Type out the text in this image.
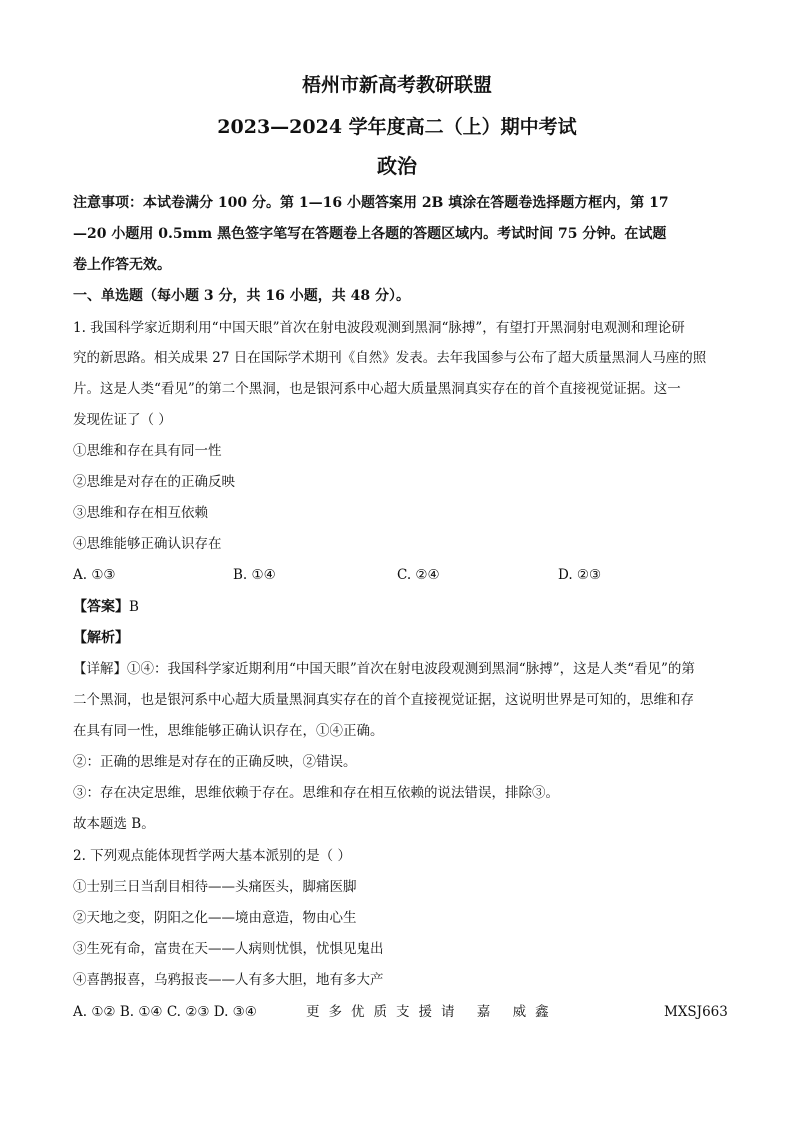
梧州市新高考教研联盟
2023—2024 学年度高二（上）期中考试
政治
注意事项：本试卷满分 100 分。第 1—16 小题答案用 2B 填涂在答题卷选择题方框内，第 17
—20 小题用 0.5mm 黑色签字笔写在答题卷上各题的答题区域内。考试时间 75 分钟。在试题
卷上作答无效。
一、单选题（每小题 3 分，共 16 小题，共 48 分）。
1. 我国科学家近期利用“中国天眼”首次在射电波段观测到黑洞“脉搏”，有望打开黑洞射电观测和理论研
究的新思路。相关成果 27 日在国际学术期刊《自然》发表。去年我国参与公布了超大质量黑洞人马座的照
片。这是人类“看见”的第二个黑洞，也是银河系中心超大质量黑洞真实存在的首个直接视觉证据。这一
发现佐证了（ ）
①思维和存在具有同一性
②思维是对存在的正确反映
③思维和存在相互依赖
④思维能够正确认识存在
A. ①③	B. ①④	C. ②④	D. ②③
【答案】B
【解析】
【详解】①④：我国科学家近期利用“中国天眼”首次在射电波段观测到黑洞“脉搏”，这是人类“看见”的第
二个黑洞，也是银河系中心超大质量黑洞真实存在的首个直接视觉证据，这说明世界是可知的，思维和存
在具有同一性，思维能够正确认识存在，①④正确。
②：正确的思维是对存在的正确反映，②错误。
③：存在决定思维，思维依赖于存在。思维和存在相互依赖的说法错误，排除③。
故本题选 B。
2. 下列观点能体现哲学两大基本派别的是（ ）
①士别三日当刮目相待——头痛医头，脚痛医脚
②天地之变，阴阳之化——境由意造，物由心生
③生死有命，富贵在天——人病则忧惧，忧惧见鬼出
④喜鹊报喜，乌鸦报丧——人有多大胆，地有多大产
A. ①② B. ①④ C. ②③ D. ③④	更多优质支援请 嘉 威鑫	MXSJ663
